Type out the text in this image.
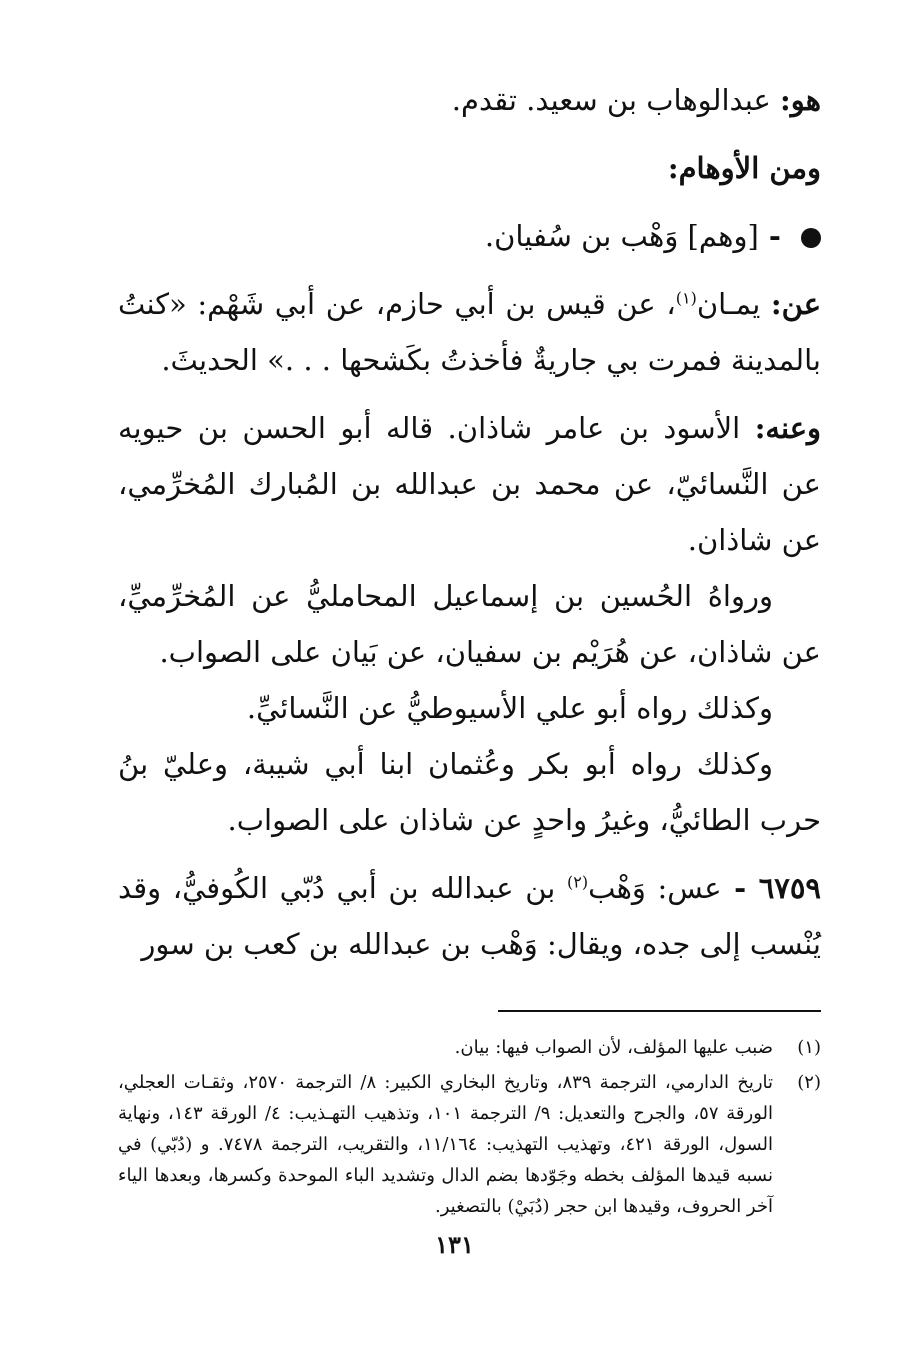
هو: عبدالوهاب بن سعيد. تقدم.

ومن الأوهام:

- [وهم] وَهْب بن سُفيان.

عن: يمـان$^{(١)}$، عن قيس بن أبي حازم، عن أبي شَهْم: «كنتُ بالمدينة فمرت بي جاريةٌ فأخذتُ بكَشحها . . .» الحديثَ.

وعنه: الأسود بن عامر شاذان. قاله أبو الحسن بن حيويه عن النَّسائيّ، عن محمد بن عبدالله بن المُبارك المُخرِّمي، عن شاذان.

ورواهُ الحُسين بن إسماعيل المحامليُّ عن المُخرِّميِّ، عن شاذان، عن هُرَيْم بن سفيان، عن بَيان على الصواب.

وكذلك رواه أبو علي الأسيوطيُّ عن النَّسائيِّ.

وكذلك رواه أبو بكر وعُثمان ابنا أبي شيبة، وعليّ بنُ حرب الطائيُّ، وغيرُ واحدٍ عن شاذان على الصواب.

٦٧٥٩ - عس: وَهْب$^{(٢)}$ بن عبدالله بن أبي دُبّي الكُوفيُّ، وقد يُنْسب إلى جده، ويقال: وَهْب بن عبدالله بن كعب بن سور

(١)
ضبب عليها المؤلف، لأن الصواب فيها: بيان.
(٢)
تاريخ الدارمي، الترجمة ٨٣٩، وتاريخ البخاري الكبير: ٨/ الترجمة ٢٥٧٠، وثقـات العجلي، الورقة ٥٧، والجرح والتعديل: ٩/ الترجمة ١٠١، وتذهيب التهـذيب: ٤/ الورقة ١٤٣، ونهاية السول، الورقة ٤٢١، وتهذيب التهذيب: ١١/١٦٤، والتقريب، الترجمة ٧٤٧٨. و (دُبّي) في نسبه قيدها المؤلف بخطه وجَوّدها بضم الدال وتشديد الباء الموحدة وكسرها، وبعدها الياء آخر الحروف، وقيدها ابن حجر (دُبَيْ) بالتصغير.
١٣١
